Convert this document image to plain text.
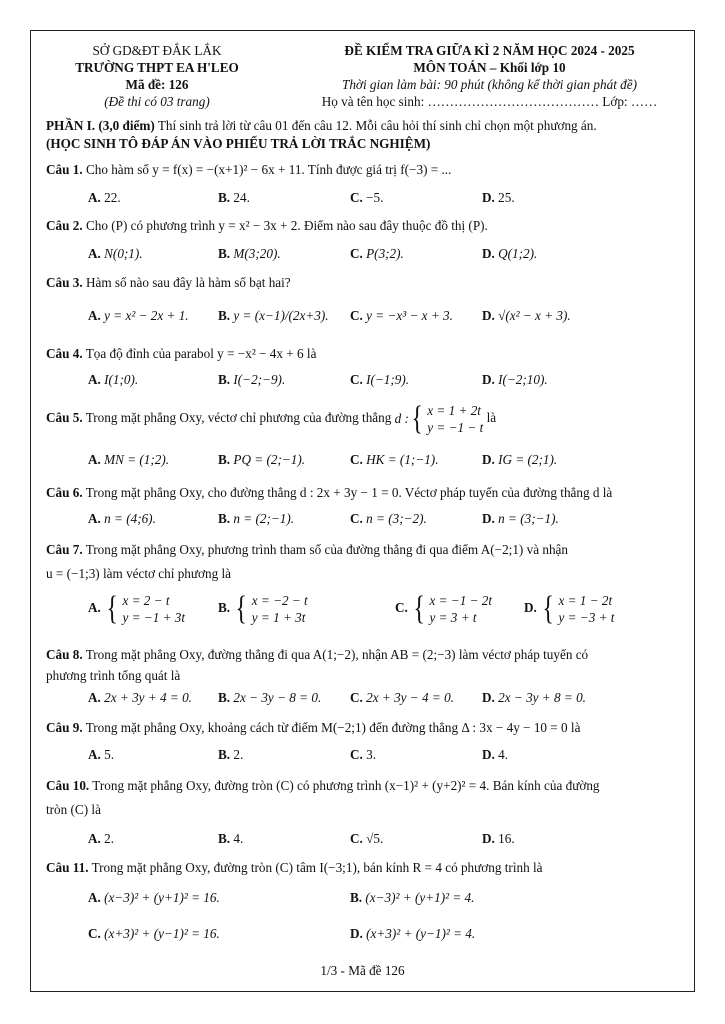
SỞ GD&ĐT ĐẮK LẮK
TRƯỜNG THPT EA H'LEO
Mã đề: 126
(Đề thi có 03 trang)
ĐỀ KIỂM TRA GIỮA KÌ 2 NĂM HỌC 2024 - 2025
MÔN TOÁN – Khối lớp 10
Thời gian làm bài: 90 phút (không kể thời gian phát đề)
Họ và tên học sinh: ………………………………… Lớp: ……
PHẦN I. (3,0 điểm) Thí sinh trả lời từ câu 01 đến câu 12. Mỗi câu hỏi thí sinh chỉ chọn một phương án.
(HỌC SINH TÔ ĐÁP ÁN VÀO PHIẾU TRẢ LỜI TRẮC NGHIỆM)
Câu 1. Cho hàm số y = f(x) = −(x+1)² − 6x + 11. Tính được giá trị f(−3) = ...
A. 22.	B. 24.	C. −5.	D. 25.
Câu 2. Cho (P) có phương trình y = x² − 3x + 2. Điểm nào sau đây thuộc đồ thị (P).
A. N(0;1).	B. M(3;20).	C. P(3;2).	D. Q(1;2).
Câu 3. Hàm số nào sau đây là hàm số bạt hai?
A. y = x² − 2x + 1. B. y = (x−1)/(2x+3). C. y = −x³ − x + 3. D. √(x² − x + 3).
Câu 4. Tọa độ đỉnh của parabol y = −x² − 4x + 6 là
A. I(1;0).	B. I(−2;−9).	C. I(−1;9).	D. I(−2;10).
Câu 5. Trong mặt phẳng Oxy, véctơ chỉ phương của đường thẳng d : { x = 1 + 2t
y = −1 − t
là
A. MN = (1;2).	B. PQ = (2;−1).	C. HK = (1;−1).	D. IG = (2;1).
Câu 6. Trong mặt phẳng Oxy, cho đường thẳng d : 2x + 3y − 1 = 0. Véctơ pháp tuyến của đường thẳng d là
A. n = (4;6).	B. n = (2;−1).	C. n = (3;−2).	D. n = (3;−1).
Câu 7. Trong mặt phẳng Oxy, phương trình tham số của đường thẳng đi qua điểm A(−2;1) và nhận
u = (−1;3) làm véctơ chỉ phương là
A. { x = 2 − t
y = −1 + 3t
B. { x = −2 − t
y = 1 + 3t
C. { x = −1 − 2t
y = 3 + t
D. { x = 1 − 2t
y = −3 + t
Câu 8. Trong mặt phẳng Oxy, đường thẳng đi qua A(1;−2), nhận AB = (2;−3) làm véctơ pháp tuyến có
phương trình tổng quát là
A. 2x + 3y + 4 = 0. B. 2x − 3y − 8 = 0. C. 2x + 3y − 4 = 0. D. 2x − 3y + 8 = 0.
Câu 9. Trong mặt phẳng Oxy, khoảng cách từ điểm M(−2;1) đến đường thẳng Δ : 3x − 4y − 10 = 0 là
A. 5.	B. 2.	C. 3.	D. 4.
Câu 10. Trong mặt phẳng Oxy, đường tròn (C) có phương trình (x−1)² + (y+2)² = 4. Bán kính của đường
tròn (C) là
A. 2.	B. 4.	C. √5.	D. 16.
Câu 11. Trong mặt phẳng Oxy, đường tròn (C) tâm I(−3;1), bán kính R = 4 có phương trình là
A. (x−3)² + (y+1)² = 16.	B. (x−3)² + (y+1)² = 4.
C. (x+3)² + (y−1)² = 16.	D. (x+3)² + (y−1)² = 4.
1/3 - Mã đề 126
